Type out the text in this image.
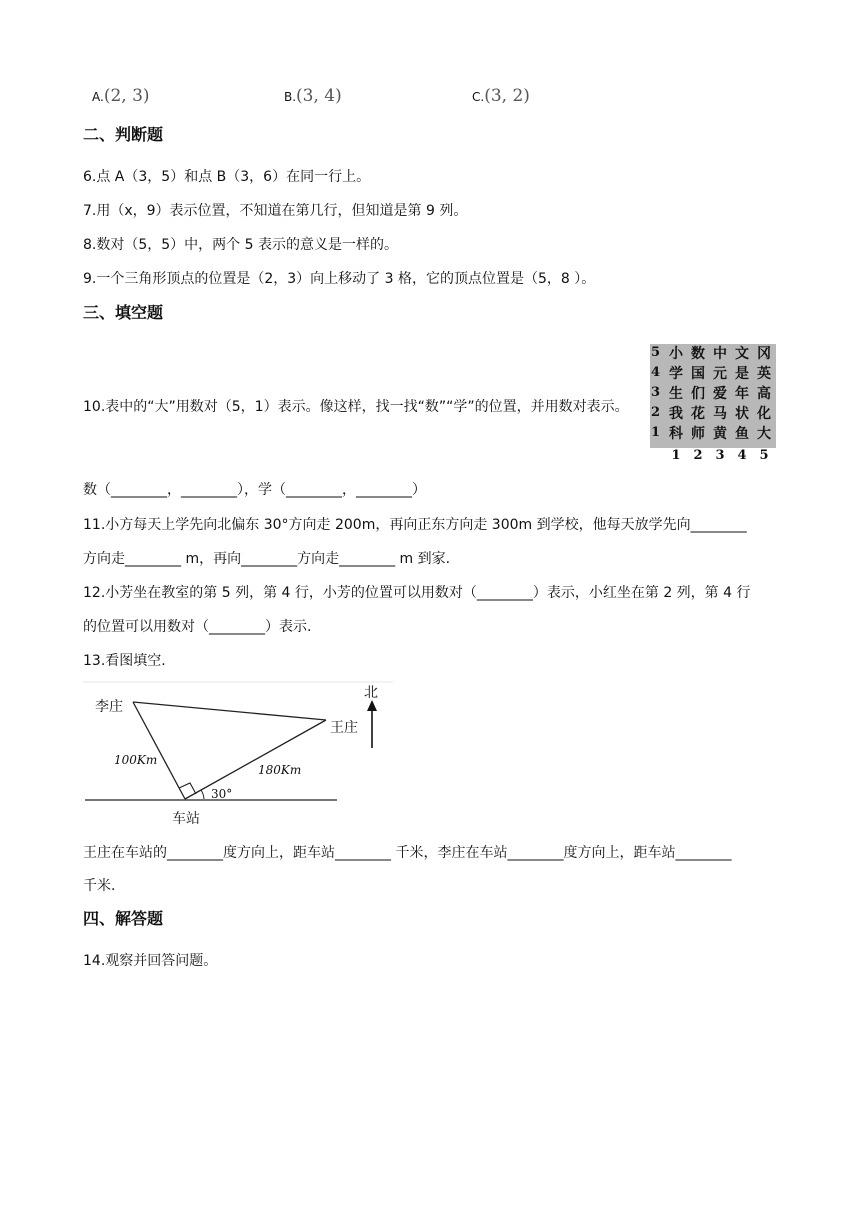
A.(2, 3)	B.(3, 4)	C.(3, 2)
二、判断题
6.点 A（3，5）和点 B（3，6）在同一行上。
7.用（x，9）表示位置，不知道在第几行，但知道是第 9 列。
8.数对（5，5）中，两个 5 表示的意义是一样的。
9.一个三角形顶点的位置是（2，3）向上移动了 3 格，它的顶点位置是（5，8 ）。
三、填空题
10.表中的“大”用数对（5，1）表示。像这样，找一找“数”“学”的位置，并用数对表示。
5
4
3
2
1
小 数 中 文 冈
学 国 元 是 英
生 们 爱 年 高
我 花 马 状 化
科 师 黄 鱼 大
1 2 3 4 5
数（________，________），学（________，________）
11.小方每天上学先向北偏东 30°方向走 200m，再向正东方向走 300m 到学校，他每天放学先向________
方向走________ m，再向________方向走________ m 到家.
12.小芳坐在教室的第 5 列，第 4 行，小芳的位置可以用数对（________）表示，小红坐在第 2 列，第 4 行
的位置可以用数对（________）表示.
13.看图填空.
北
李庄
王庄
100Km
180Km
30°
车站
王庄在车站的________度方向上，距车站________ 千米，李庄在车站________度方向上，距车站________
千米.
四、解答题
14.观察并回答问题。
